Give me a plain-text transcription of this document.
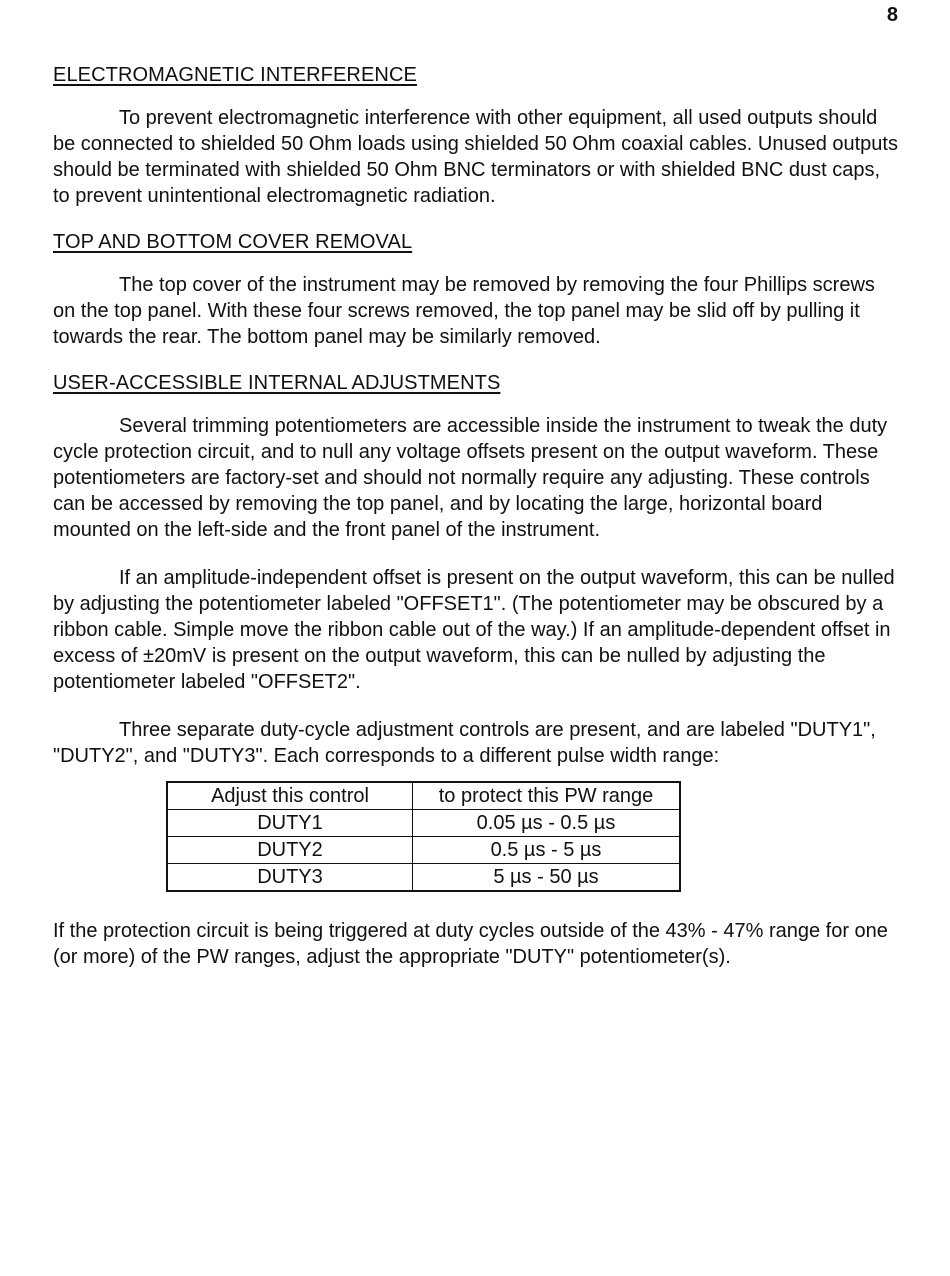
8
ELECTROMAGNETIC INTERFERENCE

To prevent electromagnetic interference with other equipment, all used outputs should be connected to shielded 50 Ohm loads using shielded 50 Ohm coaxial cables. Unused outputs should be terminated with shielded 50 Ohm BNC terminators or with shielded BNC dust caps, to prevent unintentional electromagnetic radiation.

TOP AND BOTTOM COVER REMOVAL

The top cover of the instrument may be removed by removing the four Phillips screws on the top panel. With these four screws removed, the top panel may be slid off by pulling it towards the rear. The bottom panel may be similarly removed.

USER-ACCESSIBLE INTERNAL ADJUSTMENTS

Several trimming potentiometers are accessible inside the instrument to tweak the duty cycle protection circuit, and to null any voltage offsets present on the output waveform. These potentiometers are factory-set and should not normally require any adjusting. These controls can be accessed by removing the top panel, and by locating the large, horizontal board mounted on the left-side and the front panel of the instrument.

If an amplitude-independent offset is present on the output waveform, this can be nulled by adjusting the potentiometer labeled "OFFSET1". (The potentiometer may be obscured by a ribbon cable. Simple move the ribbon cable out of the way.) If an amplitude-dependent offset in excess of ±20mV is present on the output waveform, this can be nulled by adjusting the potentiometer labeled "OFFSET2".

Three separate duty-cycle adjustment controls are present, and are labeled "DUTY1", "DUTY2", and "DUTY3". Each corresponds to a different pulse width range:

Adjust this control	to protect this PW range
DUTY1	0.05 µs - 0.5 µs
DUTY2	0.5 µs - 5 µs
DUTY3	5 µs - 50 µs

If the protection circuit is being triggered at duty cycles outside of the 43% - 47% range for one (or more) of the PW ranges, adjust the appropriate "DUTY" potentiometer(s).
